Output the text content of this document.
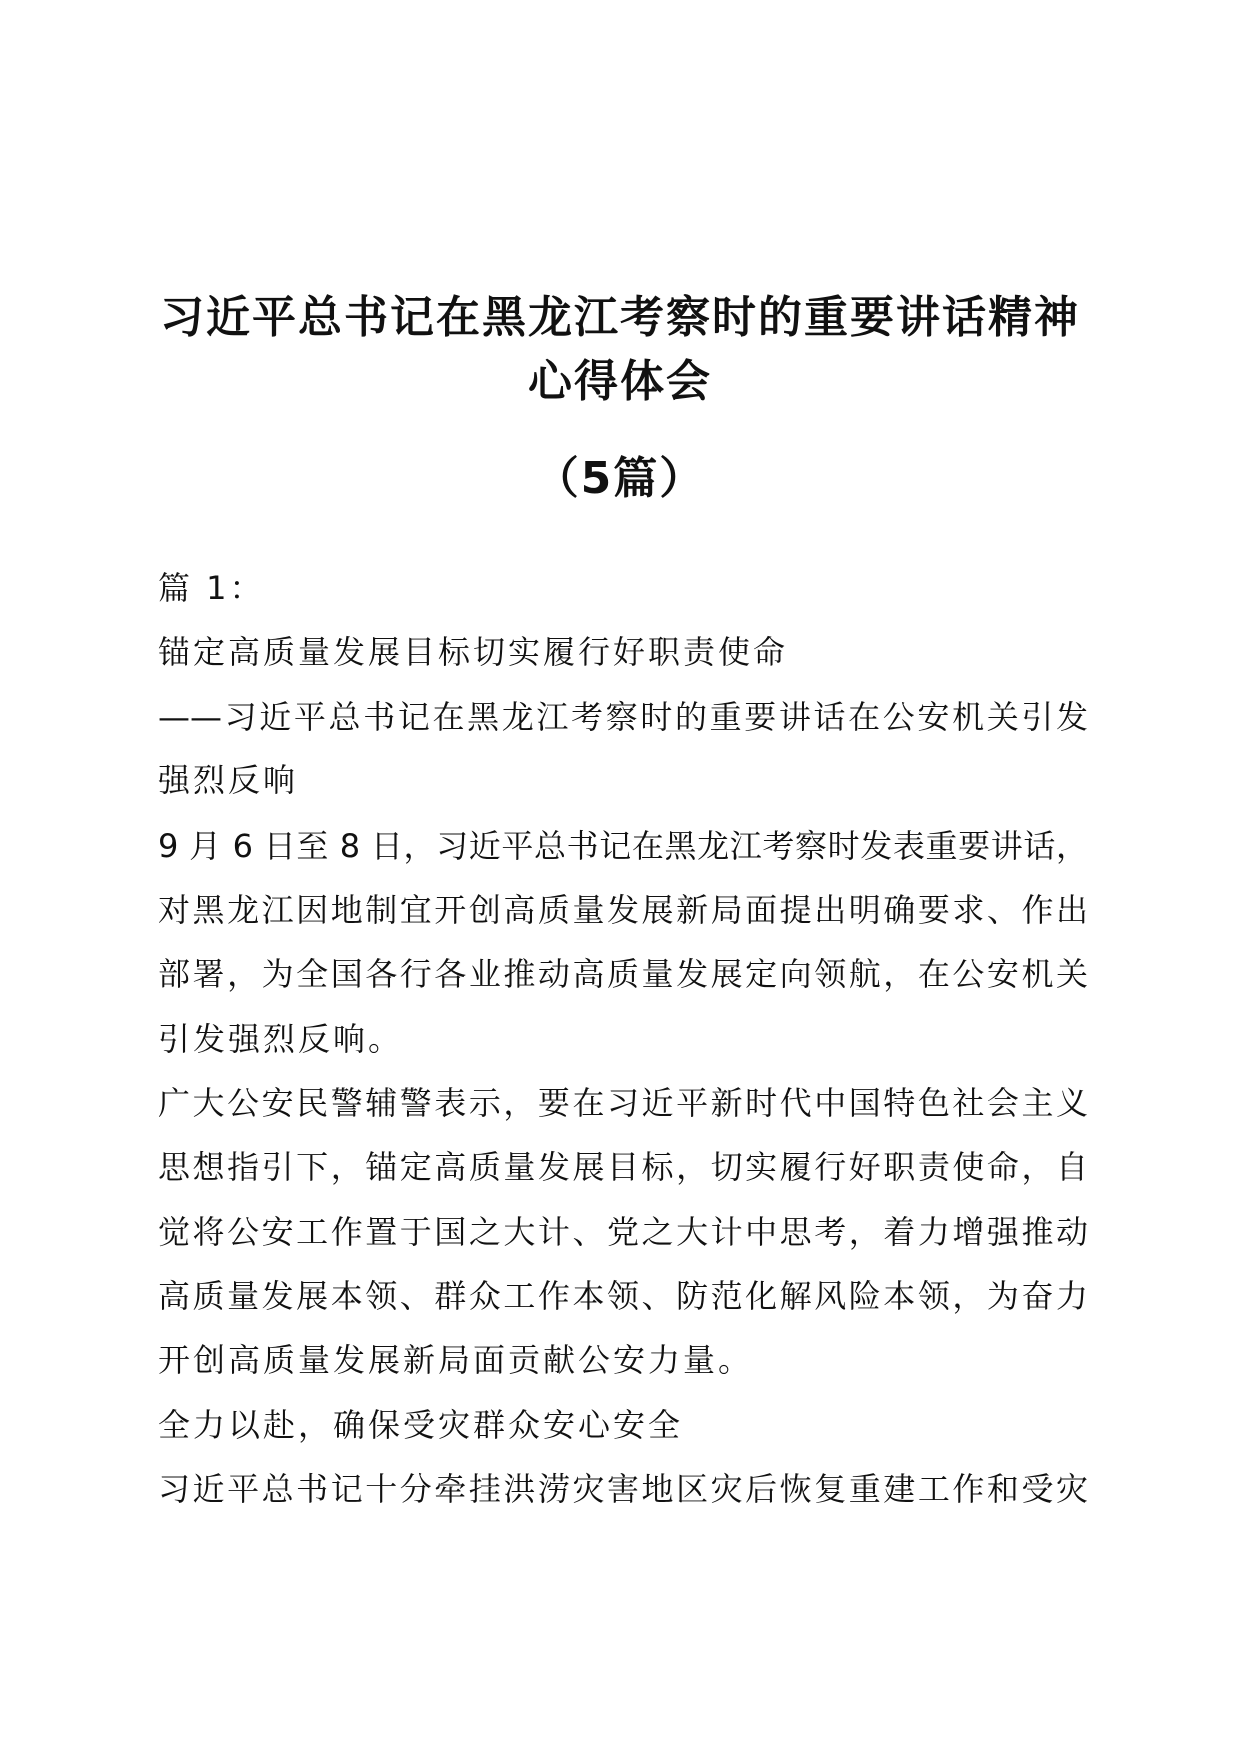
习近平总书记在黑龙江考察时的重要讲话精神
心得体会
（5篇）

篇 1：

锚定高质量发展目标切实履行好职责使命

——习近平总书记在黑龙江考察时的重要讲话在公安机关引发

强烈反响

9 月 6 日至 8 日，习近平总书记在黑龙江考察时发表重要讲话，

对黑龙江因地制宜开创高质量发展新局面提出明确要求、作出

部署，为全国各行各业推动高质量发展定向领航，在公安机关

引发强烈反响。

广大公安民警辅警表示，要在习近平新时代中国特色社会主义

思想指引下，锚定高质量发展目标，切实履行好职责使命，自

觉将公安工作置于国之大计、党之大计中思考，着力增强推动

高质量发展本领、群众工作本领、防范化解风险本领，为奋力

开创高质量发展新局面贡献公安力量。

全力以赴，确保受灾群众安心安全

习近平总书记十分牵挂洪涝灾害地区灾后恢复重建工作和受灾
